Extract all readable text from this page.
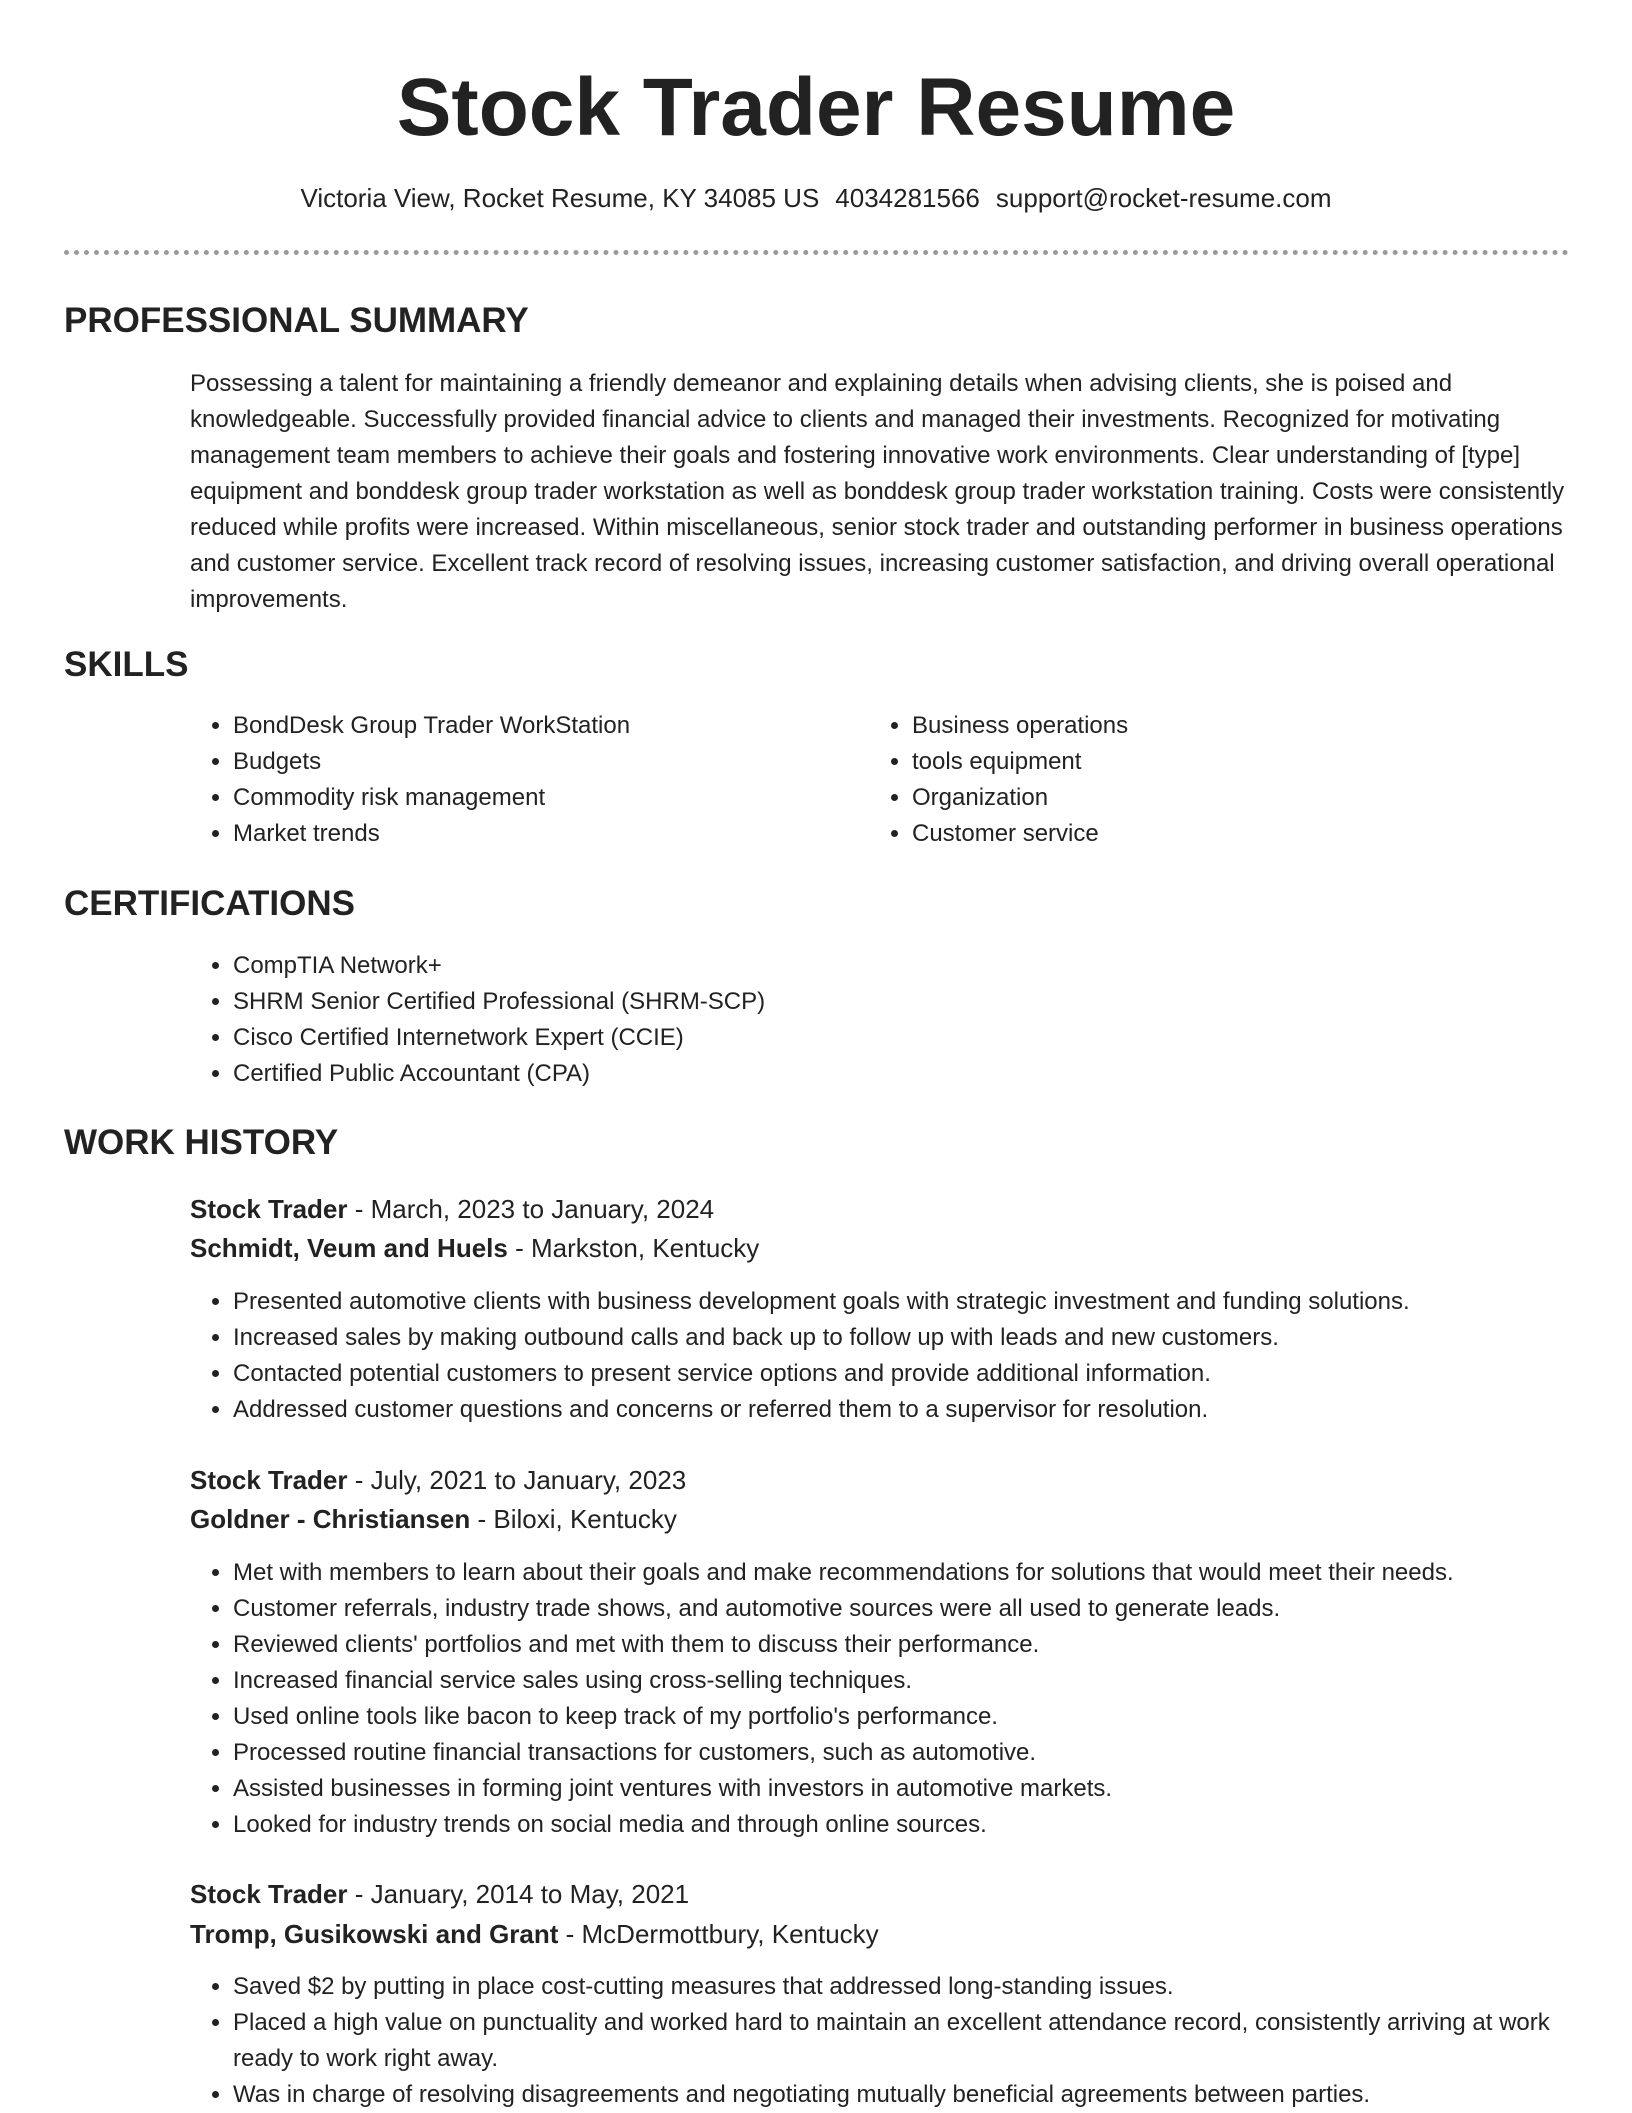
Stock Trader Resume
Victoria View, Rocket Resume, KY 34085 US 4034281566 support@rocket-resume.com
PROFESSIONAL SUMMARY
Possessing a talent for maintaining a friendly demeanor and explaining details when advising clients, she is poised and knowledgeable. Successfully provided financial advice to clients and managed their investments. Recognized for motivating management team members to achieve their goals and fostering innovative work environments. Clear understanding of [type] equipment and bonddesk group trader workstation as well as bonddesk group trader workstation training. Costs were consistently reduced while profits were increased. Within miscellaneous, senior stock trader and outstanding performer in business operations and customer service. Excellent track record of resolving issues, increasing customer satisfaction, and driving overall operational improvements.
SKILLS
• BondDesk Group Trader WorkStation
• Budgets
• Commodity risk management
• Market trends
• Business operations
• tools equipment
• Organization
• Customer service
CERTIFICATIONS
• CompTIA Network+
• SHRM Senior Certified Professional (SHRM-SCP)
• Cisco Certified Internetwork Expert (CCIE)
• Certified Public Accountant (CPA)
WORK HISTORY
Stock Trader - March, 2023 to January, 2024
Schmidt, Veum and Huels - Markston, Kentucky
• Presented automotive clients with business development goals with strategic investment and funding solutions.
• Increased sales by making outbound calls and back up to follow up with leads and new customers.
• Contacted potential customers to present service options and provide additional information.
• Addressed customer questions and concerns or referred them to a supervisor for resolution.
Stock Trader - July, 2021 to January, 2023
Goldner - Christiansen - Biloxi, Kentucky
• Met with members to learn about their goals and make recommendations for solutions that would meet their needs.
• Customer referrals, industry trade shows, and automotive sources were all used to generate leads.
• Reviewed clients' portfolios and met with them to discuss their performance.
• Increased financial service sales using cross-selling techniques.
• Used online tools like bacon to keep track of my portfolio's performance.
• Processed routine financial transactions for customers, such as automotive.
• Assisted businesses in forming joint ventures with investors in automotive markets.
• Looked for industry trends on social media and through online sources.
Stock Trader - January, 2014 to May, 2021
Tromp, Gusikowski and Grant - McDermottbury, Kentucky
• Saved $2 by putting in place cost-cutting measures that addressed long-standing issues.
• Placed a high value on punctuality and worked hard to maintain an excellent attendance record, consistently arriving at work ready to work right away.
• Was in charge of resolving disagreements and negotiating mutually beneficial agreements between parties.
